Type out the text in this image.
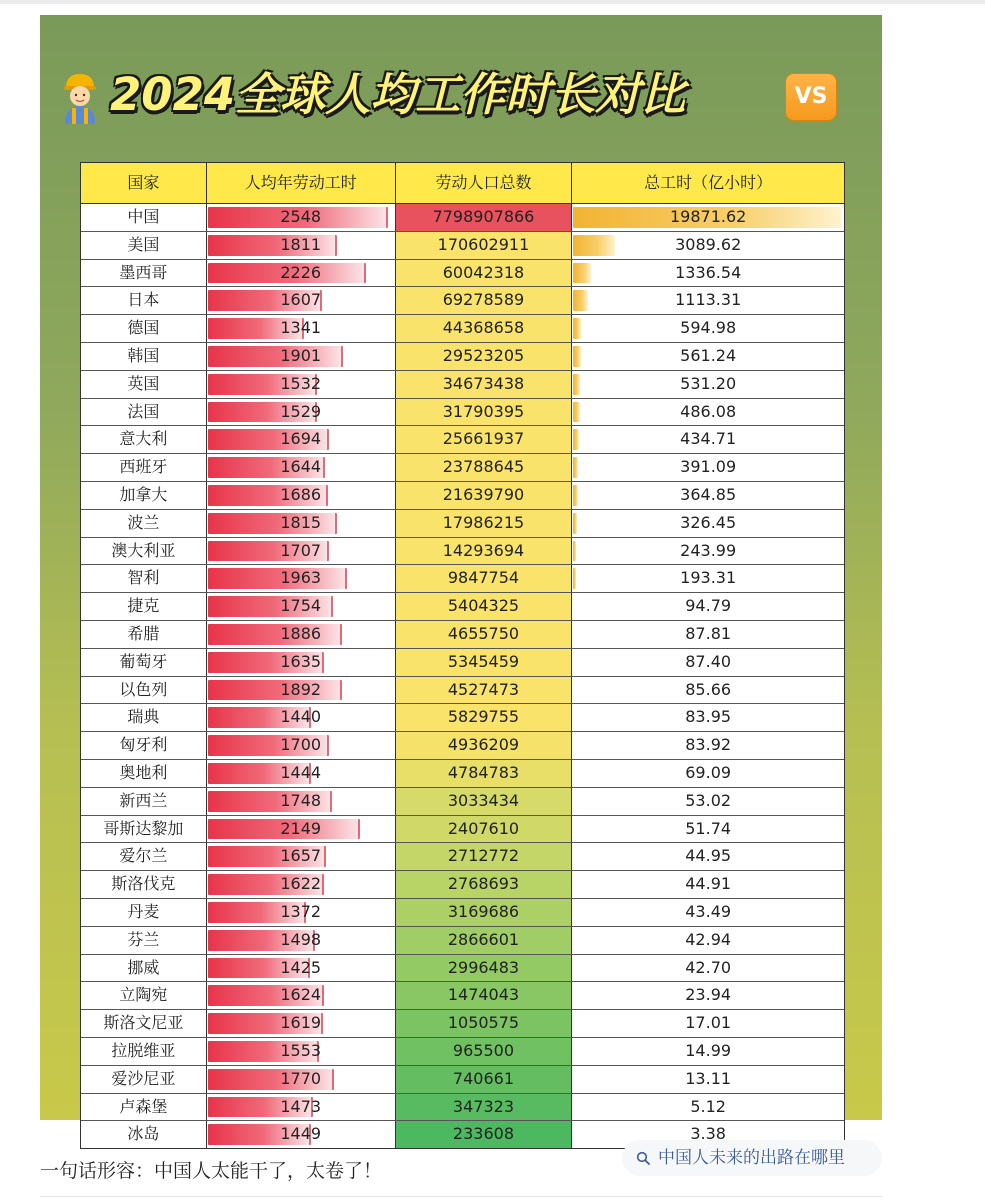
2024全球人均工作时长对比	VS
国家	人均年劳动工时	劳动人口总数	总工时（亿小时）
中国	2548	7798907866	19871.62
美国	1811	170602911	3089.62
墨西哥	2226	60042318	1336.54
日本	1607	69278589	1113.31
德国	1341	44368658	594.98
韩国	1901	29523205	561.24
英国	1532	34673438	531.20
法国	1529	31790395	486.08
意大利	1694	25661937	434.71
西班牙	1644	23788645	391.09
加拿大	1686	21639790	364.85
波兰	1815	17986215	326.45
澳大利亚	1707	14293694	243.99
智利	1963	9847754	193.31
捷克	1754	5404325	94.79
希腊	1886	4655750	87.81
葡萄牙	1635	5345459	87.40
以色列	1892	4527473	85.66
瑞典	1440	5829755	83.95
匈牙利	1700	4936209	83.92
奥地利	1444	4784783	69.09
新西兰	1748	3033434	53.02
哥斯达黎加	2149	2407610	51.74
爱尔兰	1657	2712772	44.95
斯洛伐克	1622	2768693	44.91
丹麦	1372	3169686	43.49
芬兰	1498	2866601	42.94
挪威	1425	2996483	42.70
立陶宛	1624	1474043	23.94
斯洛文尼亚	1619	1050575	17.01
拉脱维亚	1553	965500	14.99
爱沙尼亚	1770	740661	13.11
卢森堡	1473	347323	5.12
冰岛	1449	233608	3.38
一句话形容：中国人太能干了，太卷了！
中国人未来的出路在哪里
